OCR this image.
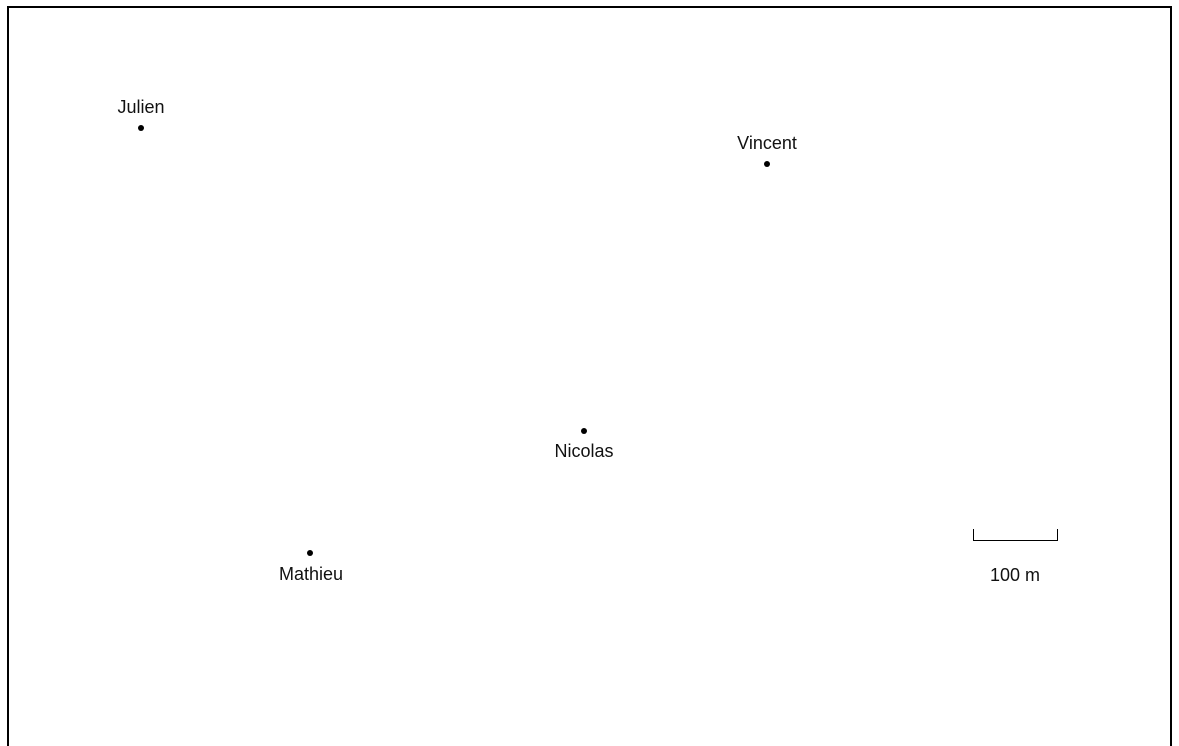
Julien
Vincent
Nicolas
Mathieu	100 m
